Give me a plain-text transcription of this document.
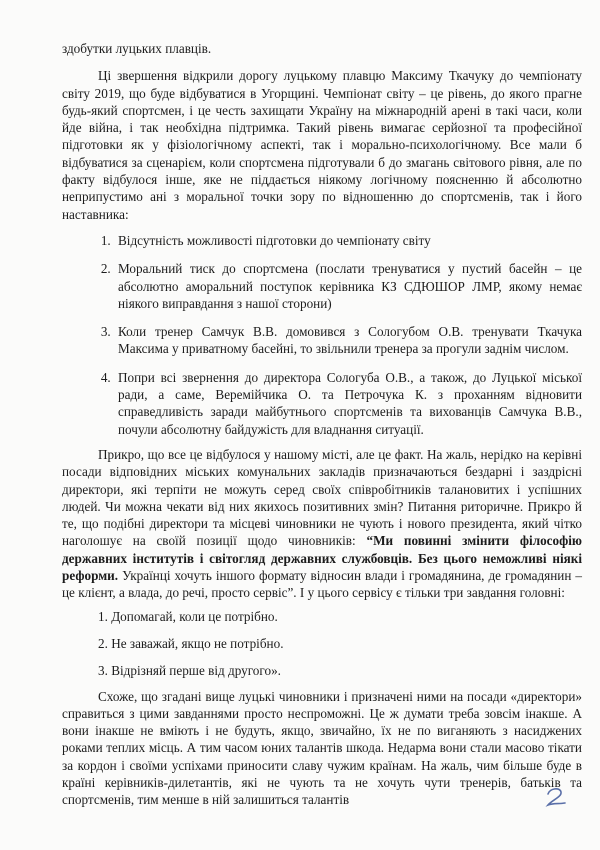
здобутки луцьких плавців.

Ці звершення відкрили дорогу луцькому плавцю Максиму Ткачуку до чемпіонату світу 2019, що буде відбуватися в Угорщині. Чемпіонат світу – це рівень, до якого прагне будь-який спортсмен, і це честь захищати Україну на міжнародній арені в такі часи, коли йде війна, і так необхідна підтримка. Такий рівень вимагає серйозної та професійної підготовки як у фізіологічному аспекті, так і морально-психологічному. Все мали б відбуватися за сценарієм, коли спортсмена підготували б до змагань світового рівня, але по факту відбулося інше, яке не піддається ніякому логічному поясненню й абсолютно неприпустимо ані з моральної точки зору по відношенню до спортсменів, так і його наставника:

1. Відсутність можливості підготовки до чемпіонату світу
2. Моральний тиск до спортсмена (послати тренуватися у пустий басейн – це абсолютно аморальний поступок керівника КЗ СДЮШОР ЛМР, якому немає ніякого виправдання з нашої сторони)
3. Коли тренер Самчук В.В. домовився з Сологубом О.В. тренувати Ткачука Максима у приватному басейні, то звільнили тренера за прогули заднім числом.
4. Попри всі звернення до директора Сологуба О.В., а також, до Луцької міської ради, а саме, Веремійчика О. та Петрочука К. з проханням відновити справедливість заради майбутнього спортсменів та вихованців Самчука В.В., почули абсолютну байдужість для владнання ситуації.

Прикро, що все це відбулося у нашому місті, але це факт. На жаль, нерідко на керівні посади відповідних міських комунальних закладів призначаються бездарні і заздрісні директори, які терпіти не можуть серед своїх співробітників талановитих і успішних людей. Чи можна чекати від них якихось позитивних змін? Питання риторичне. Прикро й те, що подібні директори та місцеві чиновники не чують і нового президента, який чітко наголошує на своїй позиції щодо чиновників: “Ми повинні змінити філософію державних інститутів і світогляд державних службовців. Без цього неможливі ніякі реформи. Українці хочуть іншого формату відносин влади і громадянина, де громадянин – це клієнт, а влада, до речі, просто сервіс”. І у цього сервісу є тільки три завдання головні:

1. Допомагай, коли це потрібно.
2. Не заважай, якщо не потрібно.
3. Відрізняй перше від другого».

Схоже, що згадані вище луцькі чиновники і призначені ними на посади «директори» справиться з цими завданнями просто неспроможні. Це ж думати треба зовсім інакше. А вони інакше не вміють і не будуть, якщо, звичайно, їх не по виганяють з насиджених роками теплих місць. А тим часом юних талантів шкода. Недарма вони стали масово тікати за кордон і своїми успіхами приносити славу чужим країнам. На жаль, чим більше буде в країні керівників-дилетантів, які не чують та не хочуть чути тренерів, батьків та спортсменів, тим менше в ній залишиться талантів
